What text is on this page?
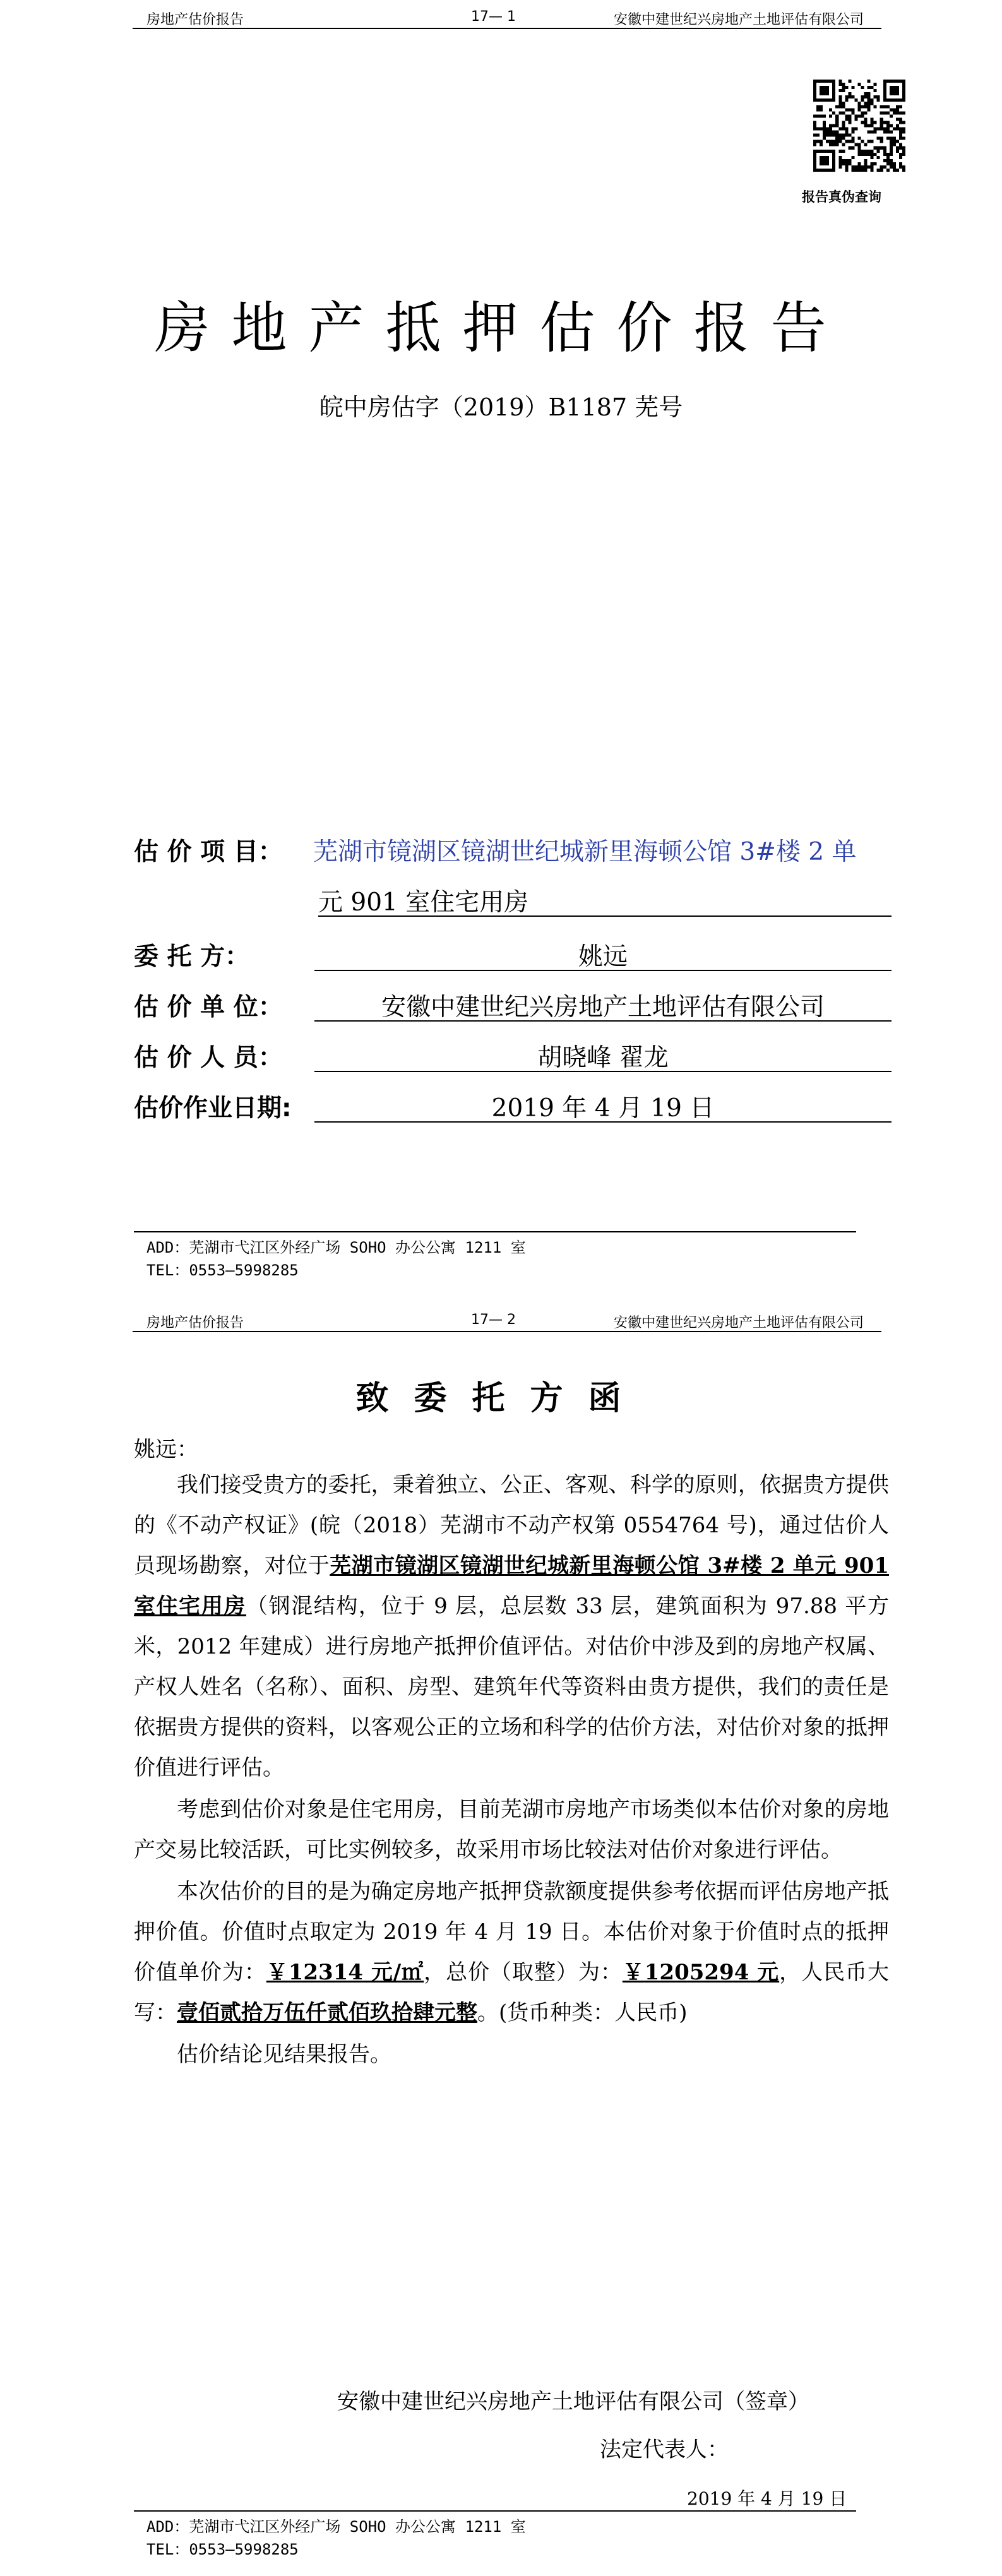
房地产估价报告	17— 1	安徽中建世纪兴房地产土地评估有限公司
报告真伪查询
房地产抵押估价报告
皖中房估字（2019）B1187 芜号
估 价 项 目： 芜湖市镜湖区镜湖世纪城新里海顿公馆 3#楼 2 单
元 901 室住宅用房
委 托 方：	姚远
估 价 单 位：	安徽中建世纪兴房地产土地评估有限公司
估 价 人 员：	胡晓峰 翟龙
估价作业日期:	2019 年 4 月 19 日
ADD：芜湖市弋江区外经广场 SOHO 办公公寓 1211 室
TEL：0553—5998285
房地产估价报告	17— 2	安徽中建世纪兴房地产土地评估有限公司
致委托方函
姚远：

我们接受贵方的委托，秉着独立、公正、客观、科学的原则，依据贵方提供的《不动产权证》(皖（2018）芜湖市不动产权第 0554764 号)，通过估价人员现场勘察，对位于芜湖市镜湖区镜湖世纪城新里海顿公馆 3#楼 2 单元 901 室住宅用房（钢混结构，位于 9 层，总层数 33 层，建筑面积为 97.88 平方米，2012 年建成）进行房地产抵押价值评估。对估价中涉及到的房地产权属、产权人姓名（名称）、面积、房型、建筑年代等资料由贵方提供，我们的责任是依据贵方提供的资料，以客观公正的立场和科学的估价方法，对估价对象的抵押价值进行评估。

考虑到估价对象是住宅用房，目前芜湖市房地产市场类似本估价对象的房地产交易比较活跃，可比实例较多，故采用市场比较法对估价对象进行评估。

本次估价的目的是为确定房地产抵押贷款额度提供参考依据而评估房地产抵押价值。价值时点取定为 2019 年 4 月 19 日。本估价对象于价值时点的抵押价值单价为：￥12314 元/㎡，总价（取整）为：￥1205294 元，人民币大写：壹佰贰拾万伍仟贰佰玖拾肆元整。(货币种类：人民币)

估价结论见结果报告。

安徽中建世纪兴房地产土地评估有限公司（签章）
法定代表人：
2019 年 4 月 19 日
ADD：芜湖市弋江区外经广场 SOHO 办公公寓 1211 室
TEL：0553—5998285
